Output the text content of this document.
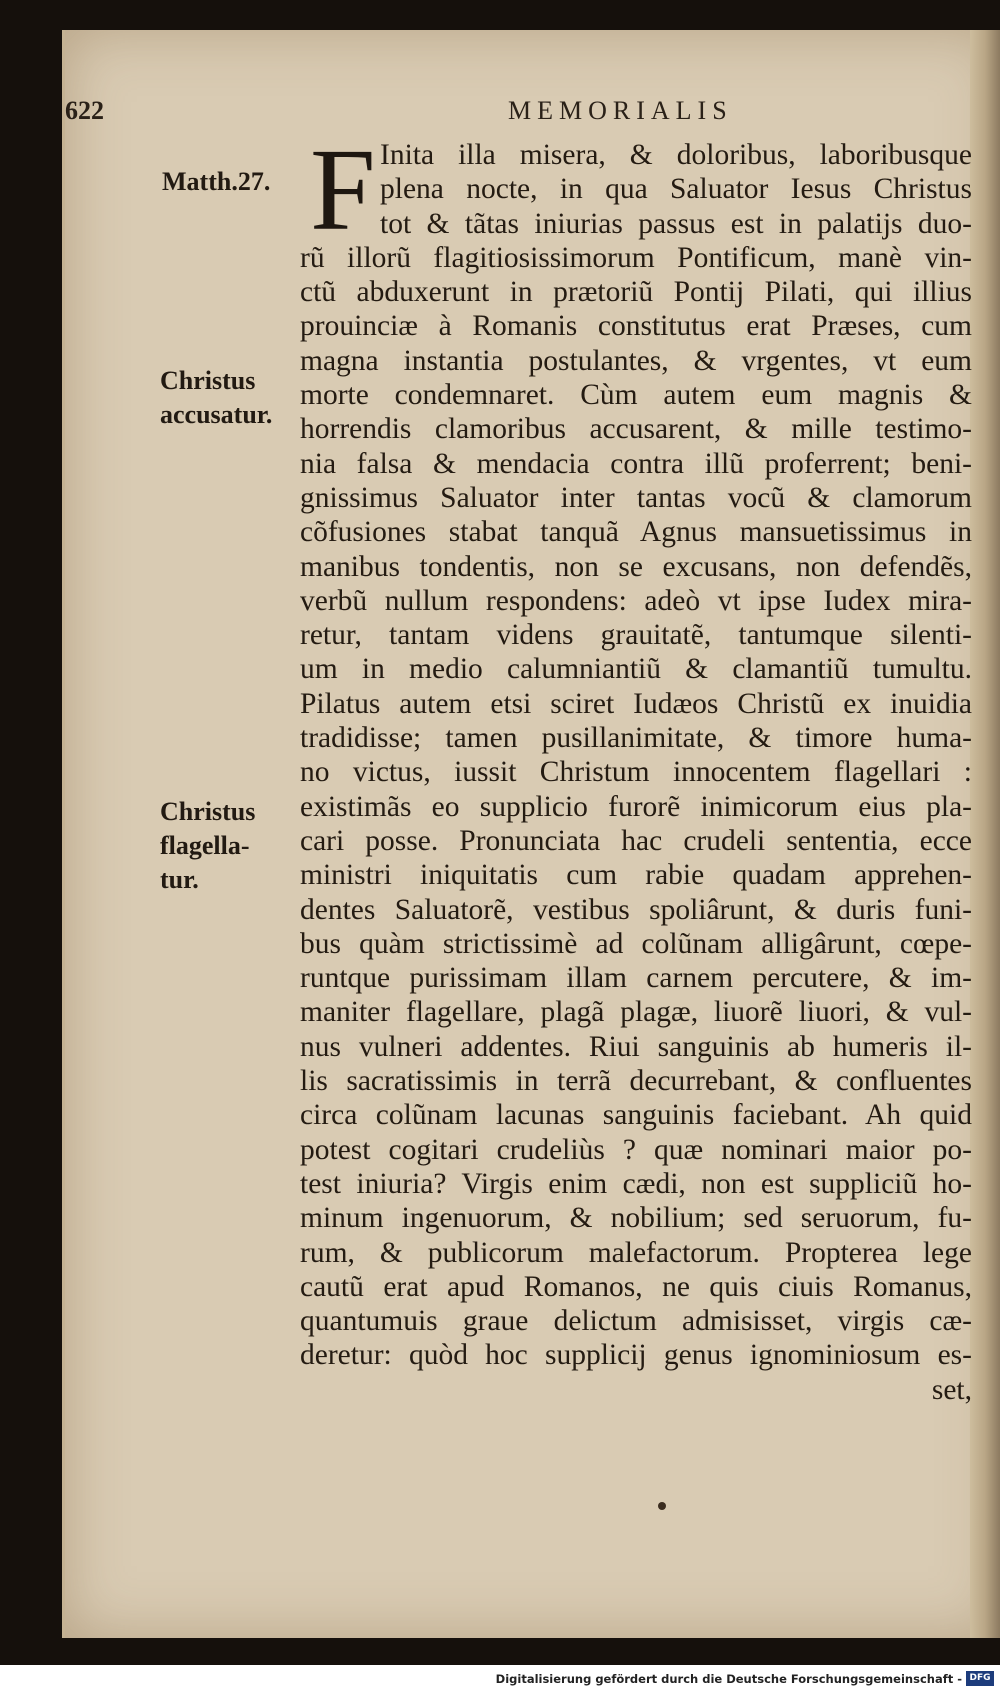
622	MEMORIALIS
Matth.27.
Christus
accusatur.
Christus
flagella-
tur.
F Inita illa misera, & doloribus, laboribusque
plena nocte, in qua Saluator Iesus Christus
tot & tãtas iniurias passus est in palatijs duo-
rũ illorũ flagitiosissimorum Pontificum, manè vin-
ctũ abduxerunt in prætoriũ Pontij Pilati, qui illius
prouinciæ à Romanis constitutus erat Præses, cum
magna instantia postulantes, & vrgentes, vt eum
morte condemnaret. Cùm autem eum magnis &
horrendis clamoribus accusarent, & mille testimo-
nia falsa & mendacia contra illũ proferrent; beni-
gnissimus Saluator inter tantas vocũ & clamorum
cõfusiones stabat tanquã Agnus mansuetissimus in
manibus tondentis, non se excusans, non defendẽs,
verbũ nullum respondens: adeò vt ipse Iudex mira-
retur, tantam videns grauitatẽ, tantumque silenti-
um in medio calumniantiũ & clamantiũ tumultu.
Pilatus autem etsi sciret Iudæos Christũ ex inuidia
tradidisse; tamen pusillanimitate, & timore huma-
no victus, iussit Christum innocentem flagellari :
existimãs eo supplicio furorẽ inimicorum eius pla-
cari posse. Pronunciata hac crudeli sententia, ecce
ministri iniquitatis cum rabie quadam apprehen-
dentes Saluatorẽ, vestibus spoliârunt, & duris funi-
bus quàm strictissimè ad colũnam alligârunt, cœpe-
runtque purissimam illam carnem percutere, & im-
maniter flagellare, plagã plagæ, liuorẽ liuori, & vul-
nus vulneri addentes. Riui sanguinis ab humeris il-
lis sacratissimis in terrã decurrebant, & confluentes
circa colũnam lacunas sanguinis faciebant. Ah quid
potest cogitari crudeliùs ? quæ nominari maior po-
test iniuria? Virgis enim cædi, non est suppliciũ ho-
minum ingenuorum, & nobilium; sed seruorum, fu-
rum, & publicorum malefactorum. Propterea lege
cautũ erat apud Romanos, ne quis ciuis Romanus,
quantumuis graue delictum admisisset, virgis cæ-
deretur: quòd hoc supplicij genus ignominiosum es-
set,
Digitalisierung gefördert durch die Deutsche Forschungsgemeinschaft - DFG
